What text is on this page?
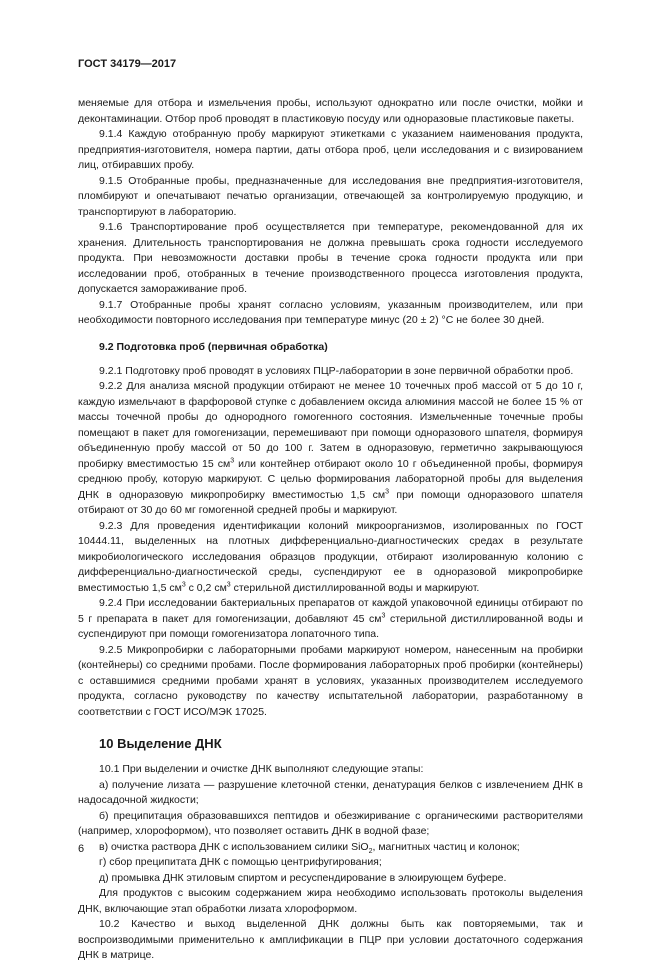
ГОСТ 34179—2017

меняемые для отбора и измельчения пробы, используют однократно или после очистки, мойки и деконтаминации. Отбор проб проводят в пластиковую посуду или одноразовые пластиковые пакеты.

9.1.4 Каждую отобранную пробу маркируют этикетками с указанием наименования продукта, предприятия-изготовителя, номера партии, даты отбора проб, цели исследования и с визированием лиц, отбиравших пробу.

9.1.5 Отобранные пробы, предназначенные для исследования вне предприятия-изготовителя, пломбируют и опечатывают печатью организации, отвечающей за контролируемую продукцию, и транспортируют в лабораторию.

9.1.6 Транспортирование проб осуществляется при температуре, рекомендованной для их хранения. Длительность транспортирования не должна превышать срока годности исследуемого продукта. При невозможности доставки пробы в течение срока годности продукта или при исследовании проб, отобранных в течение производственного процесса изготовления продукта, допускается замораживание проб.

9.1.7 Отобранные пробы хранят согласно условиям, указанным производителем, или при необходимости повторного исследования при температуре минус (20 ± 2) °С не более 30 дней.

9.2 Подготовка проб (первичная обработка)

9.2.1 Подготовку проб проводят в условиях ПЦР-лаборатории в зоне первичной обработки проб.

9.2.2 Для анализа мясной продукции отбирают не менее 10 точечных проб массой от 5 до 10 г, каждую измельчают в фарфоровой ступке с добавлением оксида алюминия массой не более 15 % от массы точечной пробы до однородного гомогенного состояния. Измельченные точечные пробы помещают в пакет для гомогенизации, перемешивают при помощи одноразового шпателя, формируя объединенную пробу массой от 50 до 100 г. Затем в одноразовую, герметично закрывающуюся пробирку вместимостью 15 $см^3$ или контейнер отбирают около 10 г объединенной пробы, формируя среднюю пробу, которую маркируют. С целью формирования лабораторной пробы для выделения ДНК в одноразовую микропробирку вместимостью 1,5 $см^3$ при помощи одноразового шпателя отбирают от 30 до 60 мг гомогенной средней пробы и маркируют.

9.2.3 Для проведения идентификации колоний микроорганизмов, изолированных по ГОСТ 10444.11, выделенных на плотных дифференциально-диагностических средах в результате микробиологического исследования образцов продукции, отбирают изолированную колонию с дифференциально-диагностической среды, суспендируют ее в одноразовой микропробирке вместимостью 1,5 $см^3$ с 0,2 $см^3$ стерильной дистиллированной воды и маркируют.

9.2.4 При исследовании бактериальных препаратов от каждой упаковочной единицы отбирают по 5 г препарата в пакет для гомогенизации, добавляют 45 $см^3$ стерильной дистиллированной воды и суспендируют при помощи гомогенизатора лопаточного типа.

9.2.5 Микропробирки с лабораторными пробами маркируют номером, нанесенным на пробирки (контейнеры) со средними пробами. После формирования лабораторных проб пробирки (контейнеры) с оставшимися средними пробами хранят в условиях, указанных производителем исследуемого продукта, согласно руководству по качеству испытательной лаборатории, разработанному в соответствии с ГОСТ ИСО/МЭК 17025.

10 Выделение ДНК

10.1 При выделении и очистке ДНК выполняют следующие этапы:

а) получение лизата — разрушение клеточной стенки, денатурация белков с извлечением ДНК в надосадочной жидкости;

б) преципитация образовавшихся пептидов и обезжиривание с органическими растворителями (например, хлороформом), что позволяет оставить ДНК в водной фазе;

в) очистка раствора ДНК с использованием силики SiO$_2$, магнитных частиц и колонок;

г) сбор преципитата ДНК с помощью центрифугирования;

д) промывка ДНК этиловым спиртом и ресуспендирование в элюирующем буфере.

Для продуктов с высоким содержанием жира необходимо использовать протоколы выделения ДНК, включающие этап обработки лизата хлороформом.

10.2 Качество и выход выделенной ДНК должны быть как повторяемыми, так и воспроизводимыми применительно к амплификации в ПЦР при условии достаточного содержания ДНК в матрице.

6
